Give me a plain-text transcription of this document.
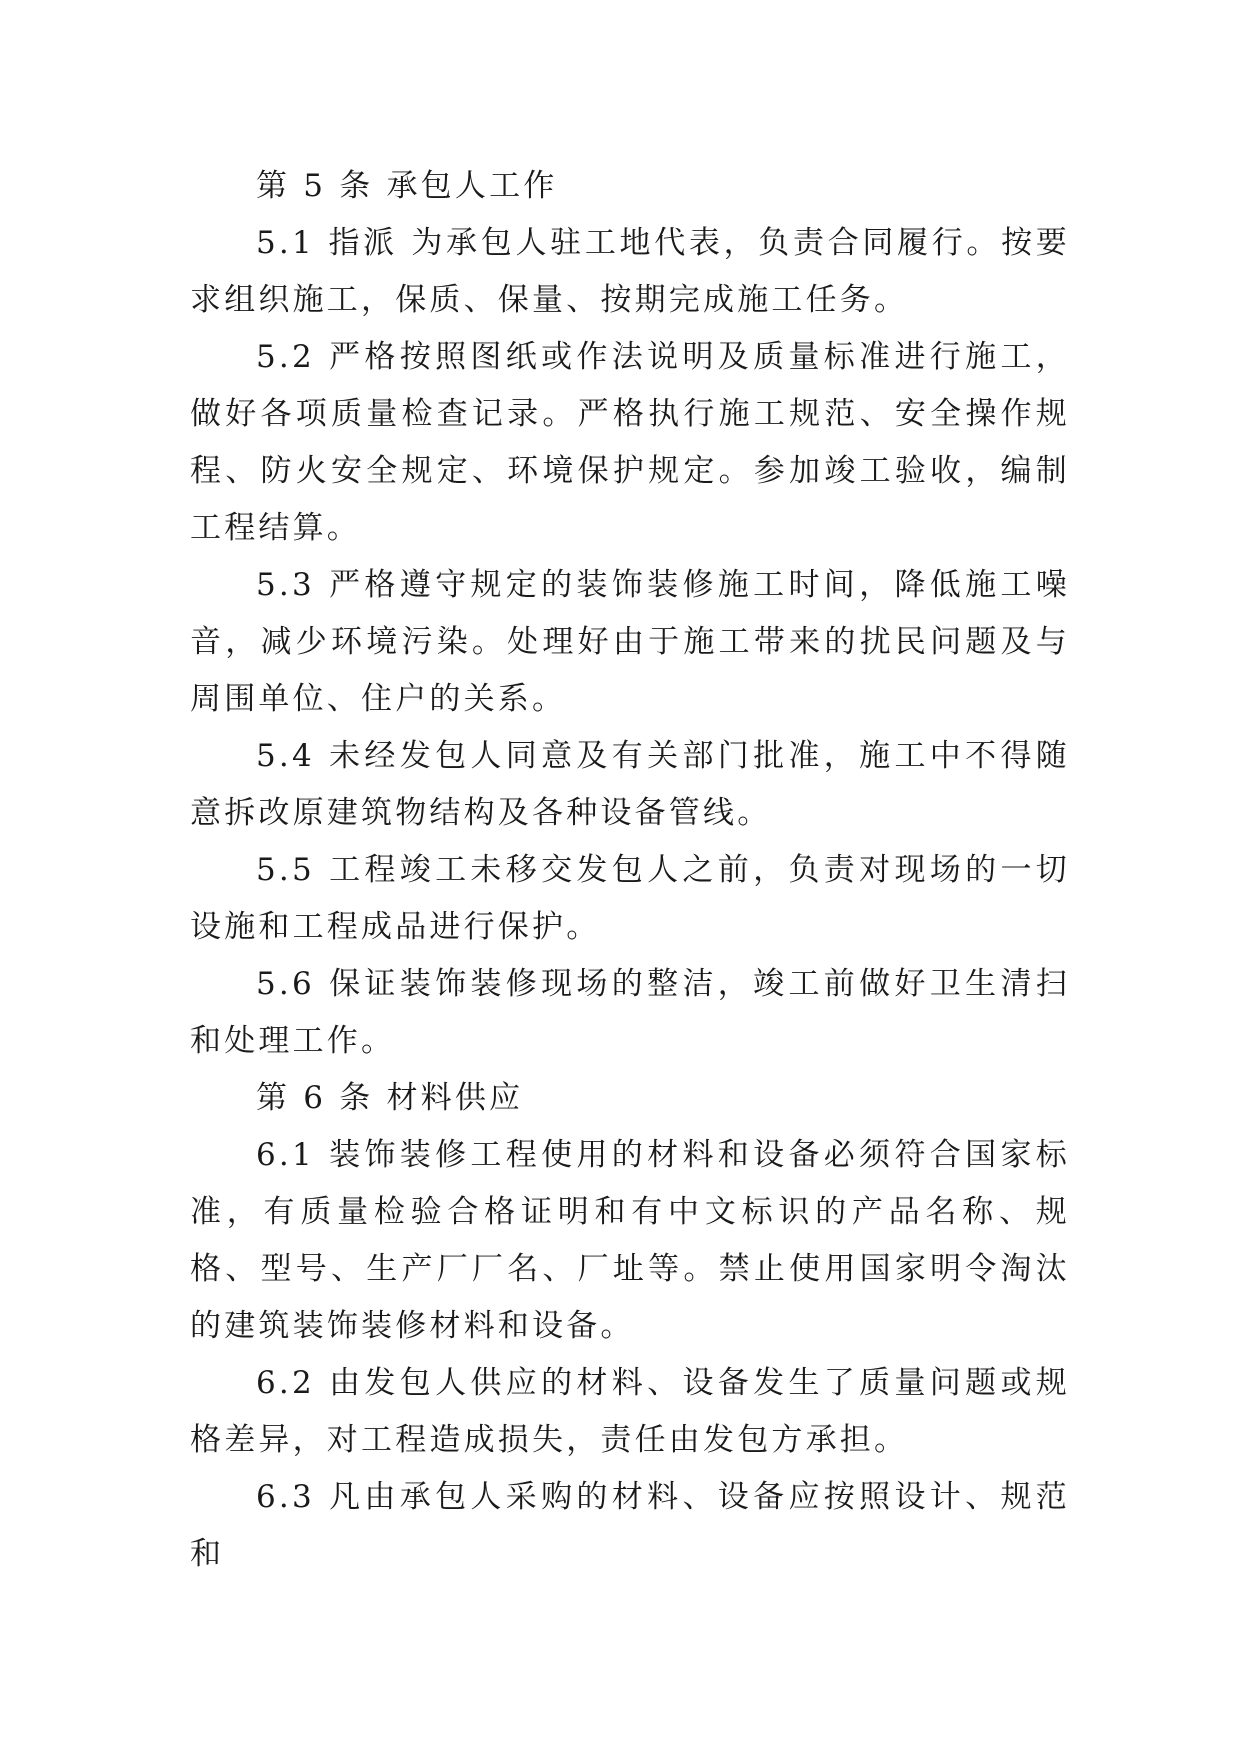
第 5 条 承包人工作

5.1 指派 为承包人驻工地代表，负责合同履行。按要求组织施工，保质、保量、按期完成施工任务。

5.2 严格按照图纸或作法说明及质量标准进行施工，做好各项质量检查记录。严格执行施工规范、安全操作规程、防火安全规定、环境保护规定。参加竣工验收，编制工程结算。

5.3 严格遵守规定的装饰装修施工时间，降低施工噪音，减少环境污染。处理好由于施工带来的扰民问题及与周围单位、住户的关系。

5.4 未经发包人同意及有关部门批准，施工中不得随意拆改原建筑物结构及各种设备管线。

5.5 工程竣工未移交发包人之前，负责对现场的一切设施和工程成品进行保护。

5.6 保证装饰装修现场的整洁，竣工前做好卫生清扫和处理工作。

第 6 条 材料供应

6.1 装饰装修工程使用的材料和设备必须符合国家标准，有质量检验合格证明和有中文标识的产品名称、规格、型号、生产厂厂名、厂址等。禁止使用国家明令淘汰的建筑装饰装修材料和设备。

6.2 由发包人供应的材料、设备发生了质量问题或规格差异，对工程造成损失，责任由发包方承担。

6.3 凡由承包人采购的材料、设备应按照设计、规范和
